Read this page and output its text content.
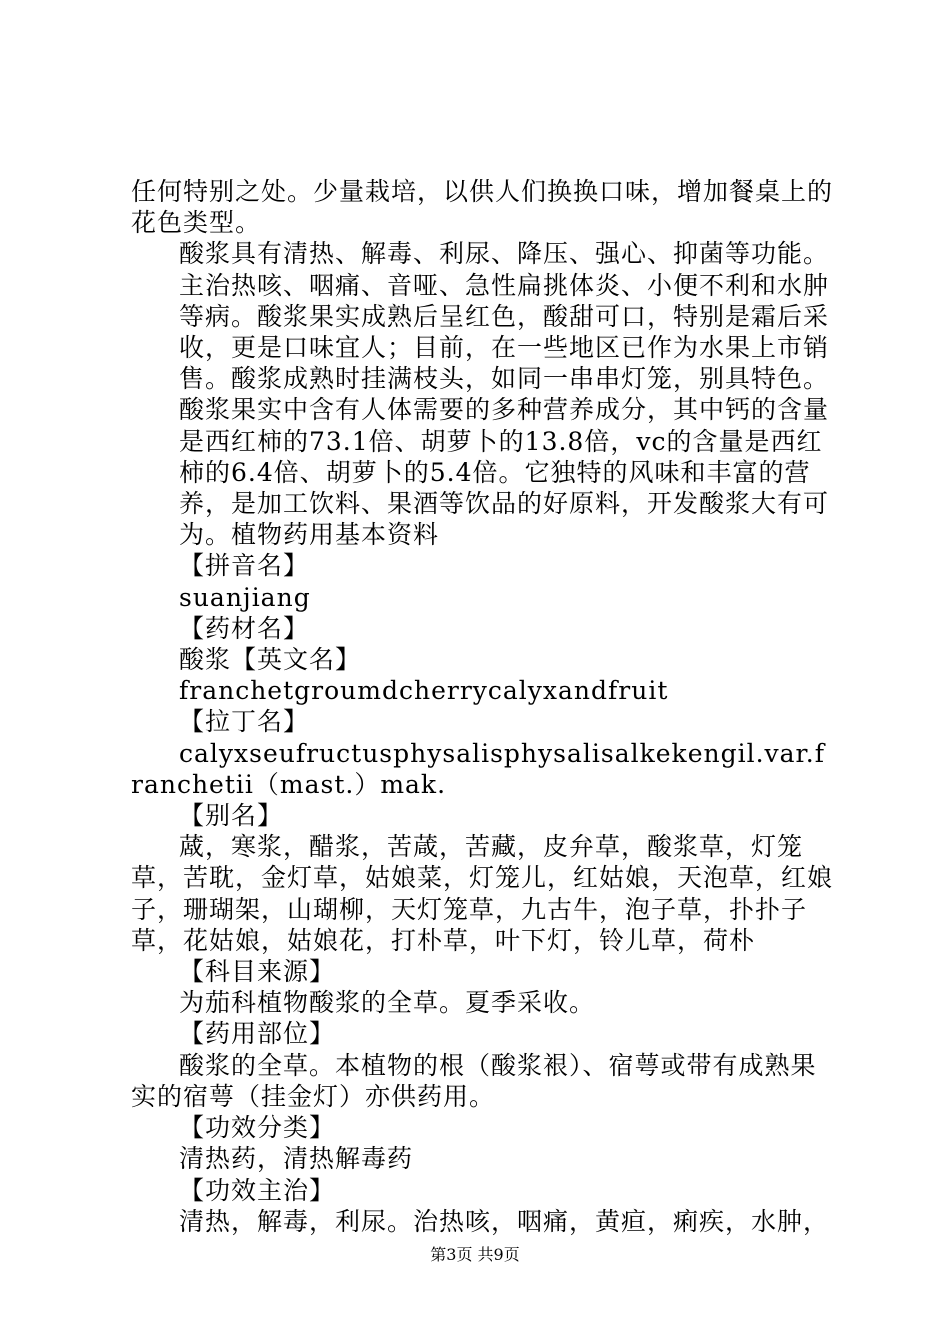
任何特别之处。少量栽培，以供人们换换口味，增加餐桌上的花色类型。

酸浆具有清热、解毒、利尿、降压、强心、抑菌等功能。主治热咳、咽痛、音哑、急性扁挑体炎、小便不利和水肿等病。酸浆果实成熟后呈红色，酸甜可口，特别是霜后采收，更是口味宜人；目前，在一些地区已作为水果上市销售。酸浆成熟时挂满枝头，如同一串串灯笼，别具特色。酸浆果实中含有人体需要的多种营养成分，其中钙的含量是西红柿的73.1倍、胡萝卜的13.8倍，vc的含量是西红柿的6.4倍、胡萝卜的5.4倍。它独特的风味和丰富的营养，是加工饮料、果酒等饮品的好原料，开发酸浆大有可为。植物药用基本资料

【拼音名】

suanjiang

【药材名】

酸浆【英文名】

franchetgroumdcherrycalyxandfruit

【拉丁名】

calyxseufructusphysalisphysalisalkekengil.var.franchetii（mast.）mak.

【别名】

蒧，寒浆，醋浆，苦葴，苦藏，皮弁草，酸浆草，灯笼草，苦耽，金灯草，姑娘菜，灯笼儿，红姑娘，天泡草，红娘子，珊瑚架，山瑚柳，天灯笼草，九古牛，泡子草，扑扑子草，花姑娘，姑娘花，打朴草，叶下灯，铃儿草，荷朴

【科目来源】

为茄科植物酸浆的全草。夏季采收。

【药用部位】

酸浆的全草。本植物的根（酸浆裉）、宿萼或带有成熟果实的宿萼（挂金灯）亦供药用。

【功效分类】

清热药，清热解毒药

【功效主治】

清热，解毒，利尿。治热咳，咽痛，黄疸，痢疾，水肿，

第3页 共9页
